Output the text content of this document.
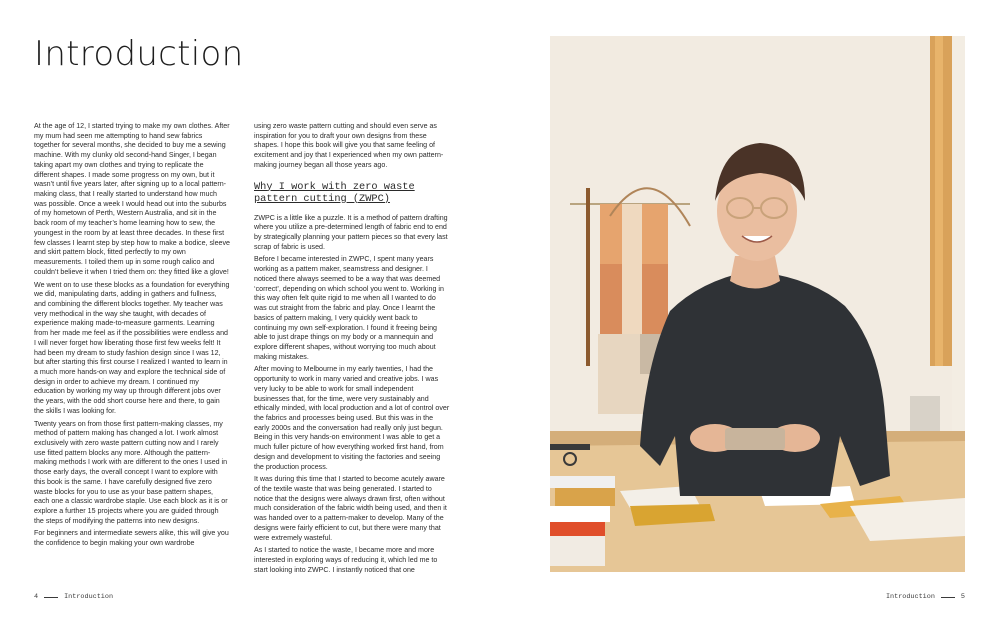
Introduction

At the age of 12, I started trying to make my own clothes. After my mum had seen me attempting to hand sew fabrics together for several months, she decided to buy me a sewing machine. With my clunky old second-hand Singer, I began taking apart my own clothes and trying to replicate the different shapes. I made some progress on my own, but it wasn’t until five years later, after signing up to a local pattern-making class, that I really started to understand how much was possible. Once a week I would head out into the suburbs of my hometown of Perth, Western Australia, and sit in the back room of my teacher’s home learning how to sew, the youngest in the room by at least three decades. In these first few classes I learnt step by step how to make a bodice, sleeve and skirt pattern block, fitted perfectly to my own measurements. I toiled them up in some rough calico and couldn’t believe it when I tried them on: they fitted like a glove!

We went on to use these blocks as a foundation for everything we did, manipulating darts, adding in gathers and fullness, and combining the different blocks together. My teacher was very methodical in the way she taught, with decades of experience making made-to-measure garments. Learning from her made me feel as if the possibilities were endless and I will never forget how liberating those first few weeks felt! It had been my dream to study fashion design since I was 12, but after starting this first course I realized I wanted to learn in a much more hands-on way and explore the technical side of design in order to achieve my dream. I continued my education by working my way up through different jobs over the years, with the odd short course here and there, to gain the skills I was looking for.

Twenty years on from those first pattern-making classes, my method of pattern making has changed a lot. I work almost exclusively with zero waste pattern cutting now and I rarely use fitted pattern blocks any more. Although the pattern-making methods I work with are different to the ones I used in those early days, the overall concept I want to explore with this book is the same. I have carefully designed five zero waste blocks for you to use as your base pattern shapes, each one a classic wardrobe staple. Use each block as it is or explore a further 15 projects where you are guided through the steps of modifying the patterns into new designs.

For beginners and intermediate sewers alike, this will give you the confidence to begin making your own wardrobe

using zero waste pattern cutting and should even serve as inspiration for you to draft your own designs from these shapes. I hope this book will give you that same feeling of excitement and joy that I experienced when my own pattern-making journey began all those years ago.

Why I work with zero waste pattern cutting (ZWPC)

ZWPC is a little like a puzzle. It is a method of pattern drafting where you utilize a pre-determined length of fabric end to end by strategically planning your pattern pieces so that every last scrap of fabric is used.

Before I became interested in ZWPC, I spent many years working as a pattern maker, seamstress and designer. I noticed there always seemed to be a way that was deemed ‘correct’, depending on which school you went to. Working in this way often felt quite rigid to me when all I wanted to do was cut straight from the fabric and play. Once I learnt the basics of pattern making, I very quickly went back to continuing my own self-exploration. I found it freeing being able to just drape things on my body or a mannequin and explore different shapes, without worrying too much about making mistakes.

After moving to Melbourne in my early twenties, I had the opportunity to work in many varied and creative jobs. I was very lucky to be able to work for small independent businesses that, for the time, were very sustainably and ethically minded, with local production and a lot of control over the fabrics and processes being used. But this was in the early 2000s and the conversation had really only just begun. Being in this very hands-on environment I was able to get a much fuller picture of how everything worked first hand, from design and development to visiting the factories and seeing the production process.

It was during this time that I started to become acutely aware of the textile waste that was being generated. I started to notice that the designs were always drawn first, often without much consideration of the fabric width being used, and then it was handed over to a pattern-maker to develop. Many of the designs were fairly efficient to cut, but there were many that were extremely wasteful.

As I started to notice the waste, I became more and more interested in exploring ways of reducing it, which led me to start looking into ZWPC. I instantly noticed that one

4	Introduction	Introduction	5
